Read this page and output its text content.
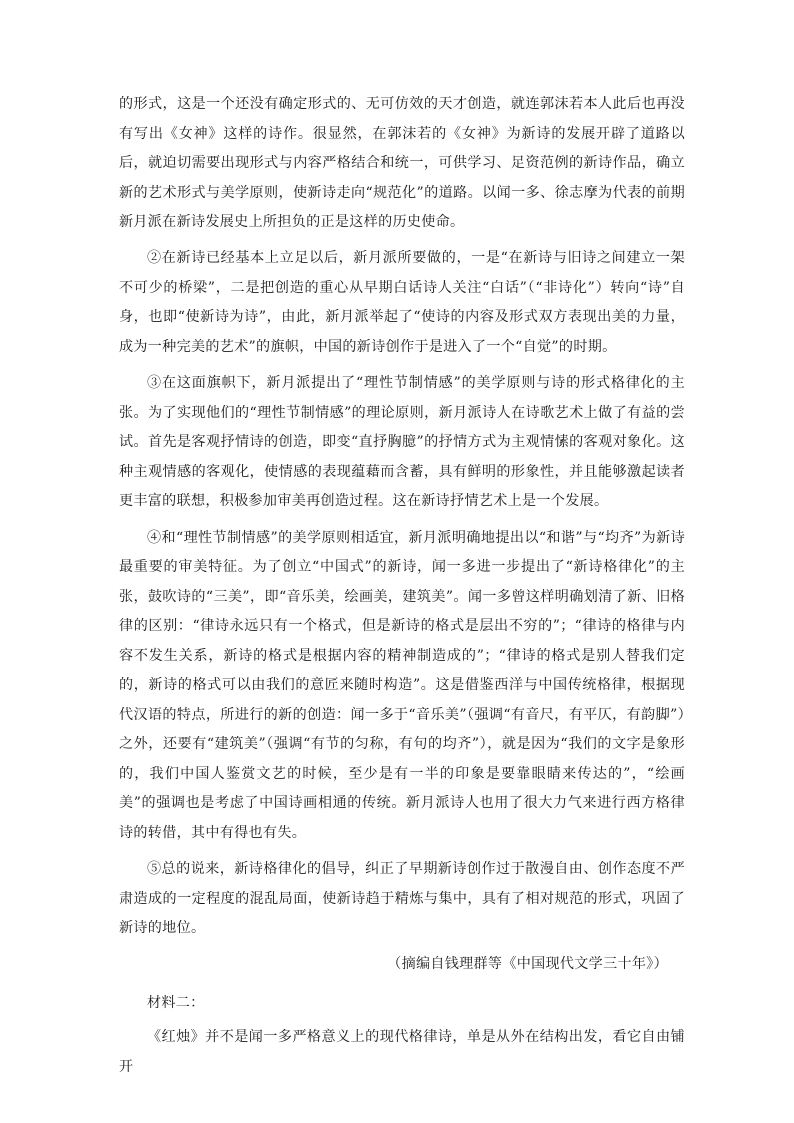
的形式，这是一个还没有确定形式的、无可仿效的天才创造，就连郭沫若本人此后也再没有写出《女神》这样的诗作。很显然，在郭沫若的《女神》为新诗的发展开辟了道路以后，就迫切需要出现形式与内容严格结合和统一，可供学习、足资范例的新诗作品，确立新的艺术形式与美学原则，使新诗走向“规范化”的道路。以闻一多、徐志摩为代表的前期新月派在新诗发展史上所担负的正是这样的历史使命。

②在新诗已经基本上立足以后，新月派所要做的，一是“在新诗与旧诗之间建立一架不可少的桥梁”，二是把创造的重心从早期白话诗人关注“白话”（“非诗化”）转向“诗”自身，也即“使新诗为诗”，由此，新月派举起了“使诗的内容及形式双方表现出美的力量，成为一种完美的艺术”的旗帜，中国的新诗创作于是进入了一个“自觉”的时期。

③在这面旗帜下，新月派提出了“理性节制情感”的美学原则与诗的形式格律化的主张。为了实现他们的“理性节制情感”的理论原则，新月派诗人在诗歌艺术上做了有益的尝试。首先是客观抒情诗的创造，即变“直抒胸臆”的抒情方式为主观情愫的客观对象化。这种主观情感的客观化，使情感的表现蕴藉而含蓄，具有鲜明的形象性，并且能够激起读者更丰富的联想，积极参加审美再创造过程。这在新诗抒情艺术上是一个发展。

④和“理性节制情感”的美学原则相适宜，新月派明确地提出以“和谐”与“均齐”为新诗最重要的审美特征。为了创立“中国式”的新诗，闻一多进一步提出了“新诗格律化”的主张，鼓吹诗的“三美”，即“音乐美，绘画美，建筑美”。闻一多曾这样明确划清了新、旧格律的区别：“律诗永远只有一个格式，但是新诗的格式是层出不穷的”；“律诗的格律与内容不发生关系，新诗的格式是根据内容的精神制造成的”；“律诗的格式是别人替我们定的，新诗的格式可以由我们的意匠来随时构造”。这是借鉴西洋与中国传统格律，根据现代汉语的特点，所进行的新的创造：闻一多于“音乐美”（强调“有音尺，有平仄，有韵脚”）之外，还要有“建筑美”（强调“有节的匀称，有句的均齐”），就是因为“我们的文字是象形的，我们中国人鉴赏文艺的时候，至少是有一半的印象是要靠眼睛来传达的”，“绘画美”的强调也是考虑了中国诗画相通的传统。新月派诗人也用了很大力气来进行西方格律诗的转借，其中有得也有失。

⑤总的说来，新诗格律化的倡导，纠正了早期新诗创作过于散漫自由、创作态度不严肃造成的一定程度的混乱局面，使新诗趋于精炼与集中，具有了相对规范的形式，巩固了新诗的地位。

（摘编自钱理群等《中国现代文学三十年》）

材料二：

《红烛》并不是闻一多严格意义上的现代格律诗，单是从外在结构出发，看它自由铺开
